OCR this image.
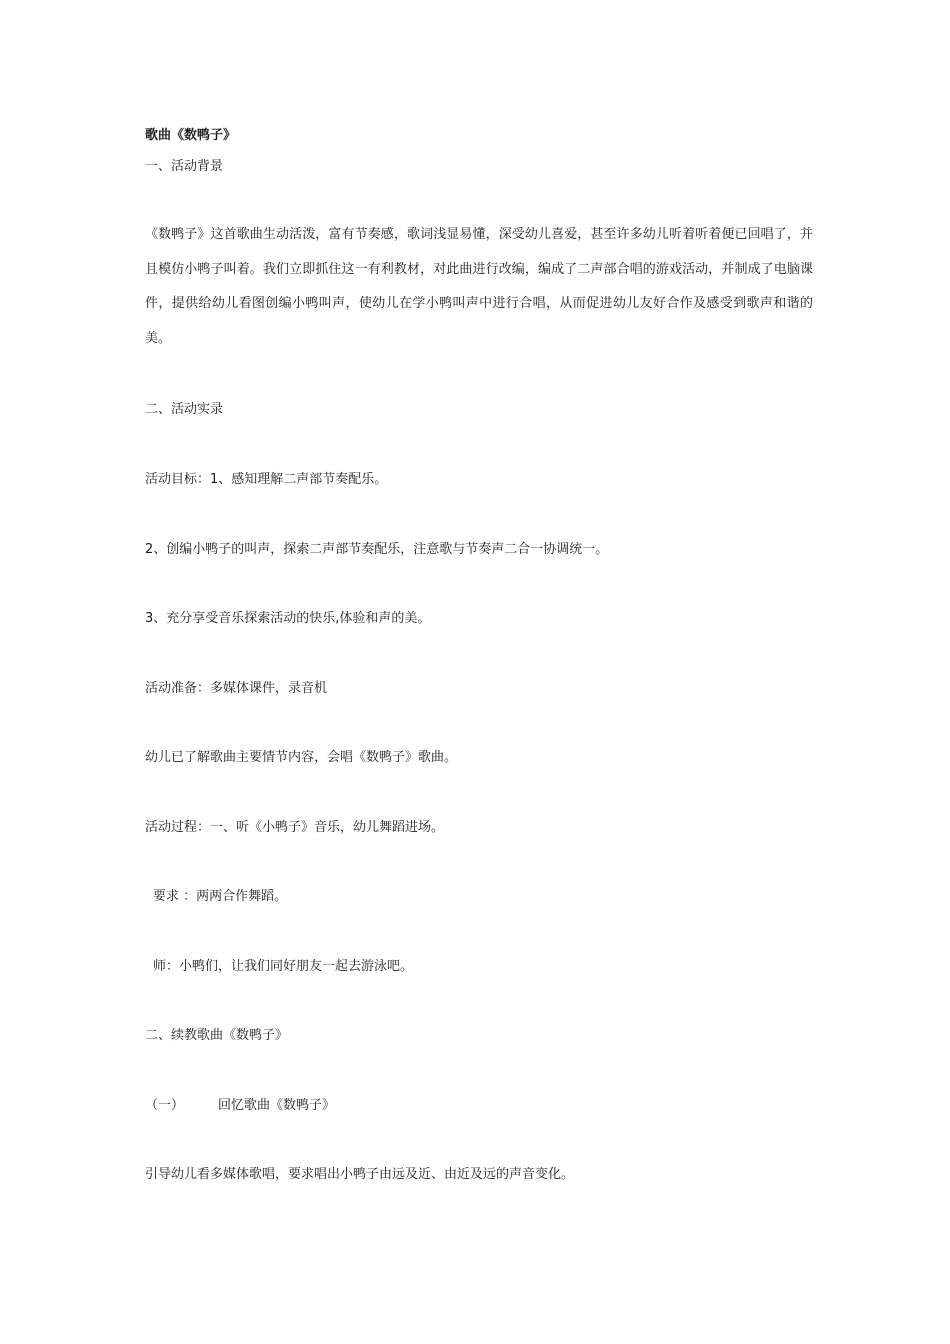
歌曲《数鸭子》

一、活动背景

《数鸭子》这首歌曲生动活泼，富有节奏感，歌词浅显易懂，深受幼儿喜爱，甚至许多幼儿听着听着便已回唱了，并且模仿小鸭子叫着。我们立即抓住这一有利教材，对此曲进行改编，编成了二声部合唱的游戏活动，并制成了电脑课件，提供给幼儿看图创编小鸭叫声，使幼儿在学小鸭叫声中进行合唱，从而促进幼儿友好合作及感受到歌声和谐的美。

二、活动实录

活动目标：1、感知理解二声部节奏配乐。

2、创编小鸭子的叫声，探索二声部节奏配乐，注意歌与节奏声二合一协调统一。

3、充分享受音乐探索活动的快乐,体验和声的美。

活动准备：多媒体课件，录音机

幼儿已了解歌曲主要情节内容，会唱《数鸭子》歌曲。

活动过程：一、听《小鸭子》音乐，幼儿舞蹈进场。

要求 ：两两合作舞蹈。

师：小鸭们，让我们同好朋友一起去游泳吧。

二、续教歌曲《数鸭子》

（一）	回忆歌曲《数鸭子》

引导幼儿看多媒体歌唱，要求唱出小鸭子由远及近、由近及远的声音变化。
